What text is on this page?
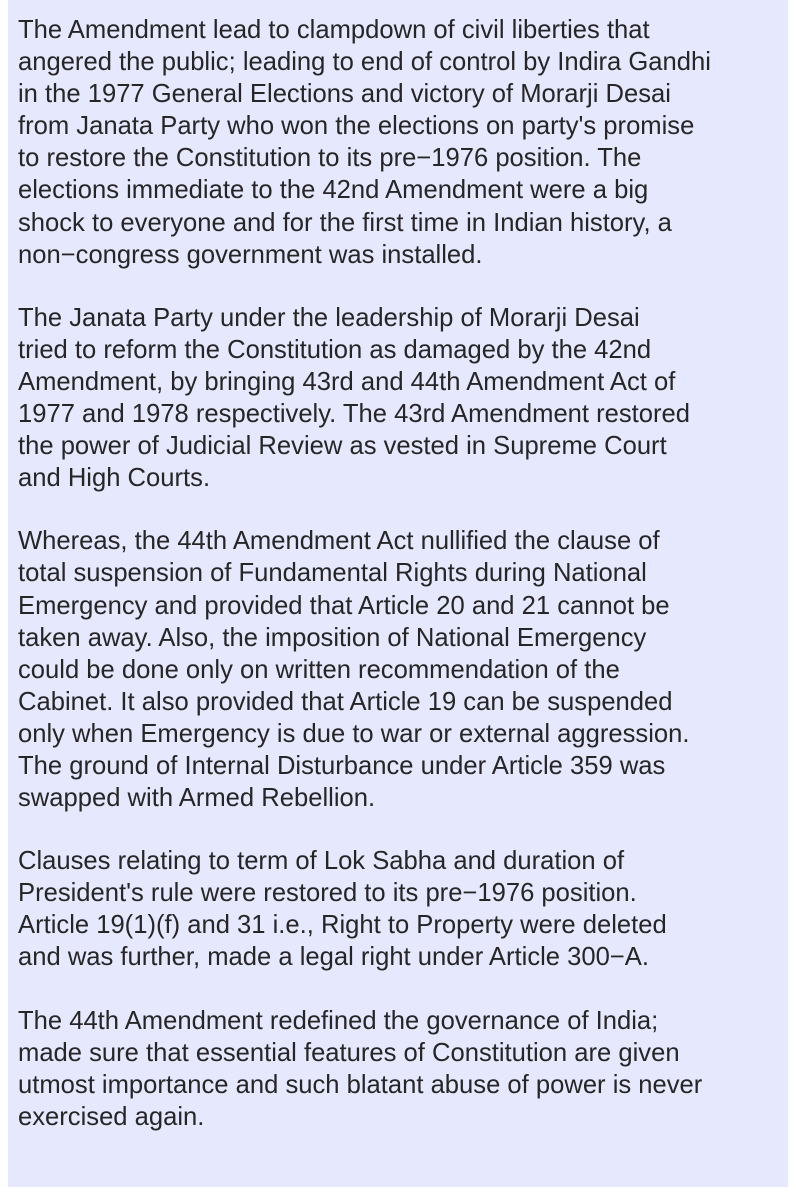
The Amendment lead to clampdown of civil liberties that
angered the public; leading to end of control by Indira Gandhi
in the 1977 General Elections and victory of Morarji Desai
from Janata Party who won the elections on party's promise
to restore the Constitution to its pre−1976 position. The
elections immediate to the 42nd Amendment were a big
shock to everyone and for the first time in Indian history, a
non−congress government was installed.

The Janata Party under the leadership of Morarji Desai
tried to reform the Constitution as damaged by the 42nd
Amendment, by bringing 43rd and 44th Amendment Act of
1977 and 1978 respectively. The 43rd Amendment restored
the power of Judicial Review as vested in Supreme Court
and High Courts.

Whereas, the 44th Amendment Act nullified the clause of
total suspension of Fundamental Rights during National
Emergency and provided that Article 20 and 21 cannot be
taken away. Also, the imposition of National Emergency
could be done only on written recommendation of the
Cabinet. It also provided that Article 19 can be suspended
only when Emergency is due to war or external aggression.
The ground of Internal Disturbance under Article 359 was
swapped with Armed Rebellion.

Clauses relating to term of Lok Sabha and duration of
President's rule were restored to its pre−1976 position.
Article 19(1)(f) and 31 i.e., Right to Property were deleted
and was further, made a legal right under Article 300−A.

The 44th Amendment redefined the governance of India;
made sure that essential features of Constitution are given
utmost importance and such blatant abuse of power is never
exercised again.
